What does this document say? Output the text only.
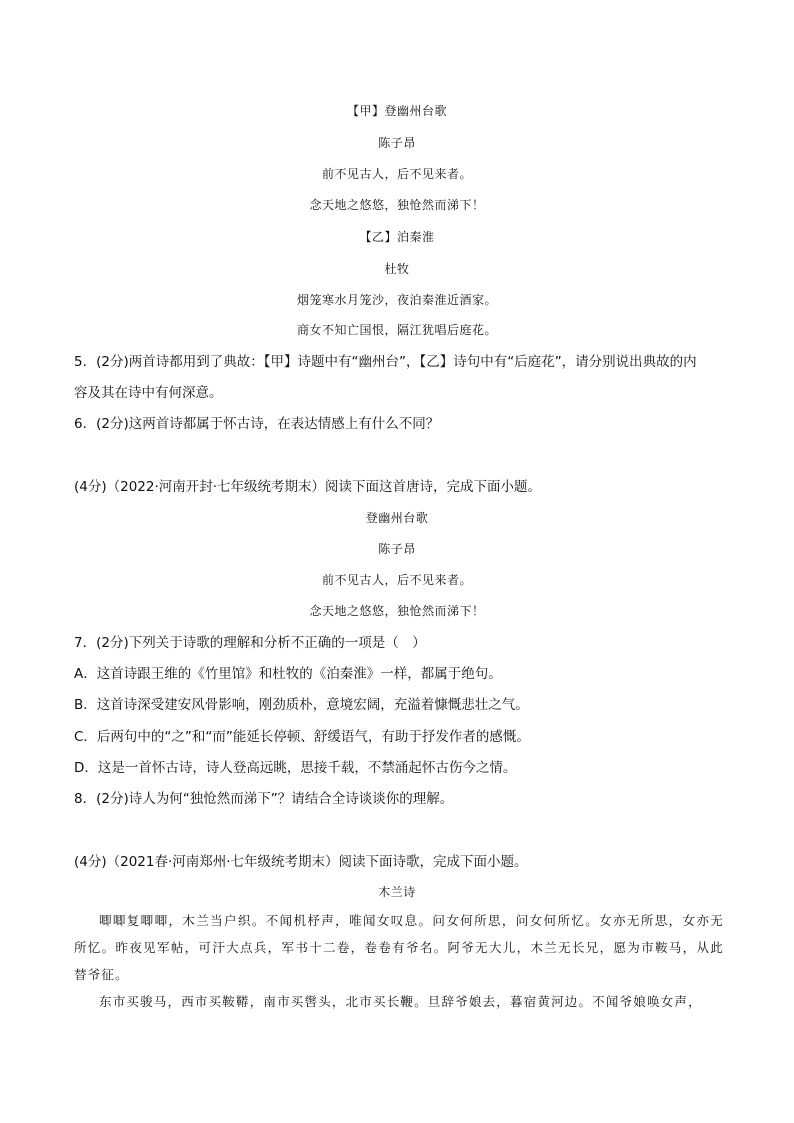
【甲】登幽州台歌
陈子昂
前不见古人，后不见来者。
念天地之悠悠，独怆然而涕下！
【乙】泊秦淮
杜牧
烟笼寒水月笼沙，夜泊秦淮近酒家。
商女不知亡国恨，隔江犹唱后庭花。
5．(2分)两首诗都用到了典故：【甲】诗题中有“幽州台”，【乙】诗句中有“后庭花”，请分别说出典故的内
容及其在诗中有何深意。
6．(2分)这两首诗都属于怀古诗，在表达情感上有什么不同？
(4分)（2022·河南开封·七年级统考期末）阅读下面这首唐诗，完成下面小题。
登幽州台歌
陈子昂
前不见古人，后不见来者。
念天地之悠悠，独怆然而涕下！
7．(2分)下列关于诗歌的理解和分析不正确的一项是（　）
A．这首诗跟王维的《竹里馆》和杜牧的《泊秦淮》一样，都属于绝句。
B．这首诗深受建安风骨影响，刚劲质朴，意境宏阔，充溢着慷慨悲壮之气。
C．后两句中的“之”和“而”能延长停顿、舒缓语气，有助于抒发作者的感慨。
D．这是一首怀古诗，诗人登高远眺，思接千载，不禁涌起怀古伤今之情。
8．(2分)诗人为何“独怆然而涕下”？请结合全诗谈谈你的理解。
(4分)（2021春·河南郑州·七年级统考期末）阅读下面诗歌，完成下面小题。
木兰诗

唧唧复唧唧，木兰当户织。不闻机杼声，唯闻女叹息。问女何所思，问女何所忆。女亦无所思，女亦无所忆。昨夜见军帖，可汗大点兵，军书十二卷，卷卷有爷名。阿爷无大儿，木兰无长兄，愿为市鞍马，从此替爷征。

东市买骏马，西市买鞍鞯，南市买辔头，北市买长鞭。旦辞爷娘去，暮宿黄河边。不闻爷娘唤女声，
